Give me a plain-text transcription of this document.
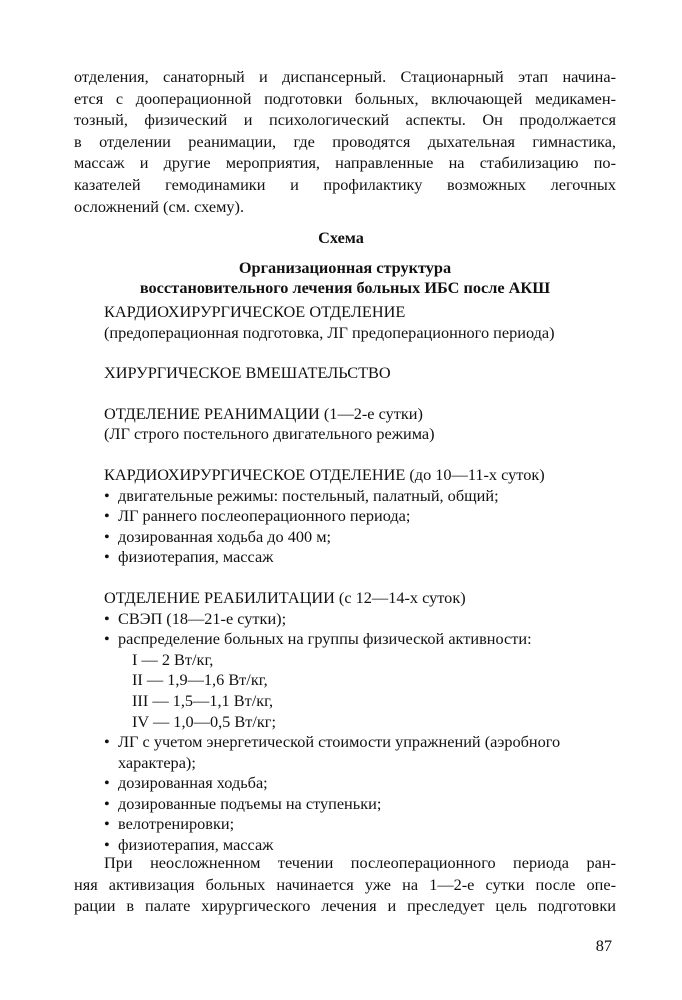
отделения, санаторный и диспансерный. Стационарный этап начина-
ется с дооперационной подготовки больных, включающей медикамен-
тозный, физический и психологический аспекты. Он продолжается
в отделении реанимации, где проводятся дыхательная гимнастика,
массаж и другие мероприятия, направленные на стабилизацию по-
казателей гемодинамики и профилактику возможных легочных
осложнений (см. схему).
Схема
Организационная структура
восстановительного лечения больных ИБС после АКШ
КАРДИОХИРУРГИЧЕСКОЕ ОТДЕЛЕНИЕ
(предоперационная подготовка, ЛГ предоперационного периода)
ХИРУРГИЧЕСКОЕ ВМЕШАТЕЛЬСТВО
ОТДЕЛЕНИЕ РЕАНИМАЦИИ (1—2-е сутки)
(ЛГ строго постельного двигательного режима)
КАРДИОХИРУРГИЧЕСКОЕ ОТДЕЛЕНИЕ (до 10—11-х суток)
• двигательные режимы: постельный, палатный, общий;
• ЛГ раннего послеоперационного периода;
• дозированная ходьба до 400 м;
• физиотерапия, массаж
ОТДЕЛЕНИЕ РЕАБИЛИТАЦИИ (с 12—14-х суток)
• СВЭП (18—21-е сутки);
• распределение больных на группы физической активности:
I — 2 Вт/кг,
II — 1,9—1,6 Вт/кг,
III — 1,5—1,1 Вт/кг,
IV — 1,0—0,5 Вт/кг;
• ЛГ с учетом энергетической стоимости упражнений (аэробного
характера);
• дозированная ходьба;
• дозированные подъемы на ступеньки;
• велотренировки;
• физиотерапия, массаж
При неосложненном течении послеоперационного периода ран-
няя активизация больных начинается уже на 1—2-е сутки после опе-
рации в палате хирургического лечения и преследует цель подготовки
87
